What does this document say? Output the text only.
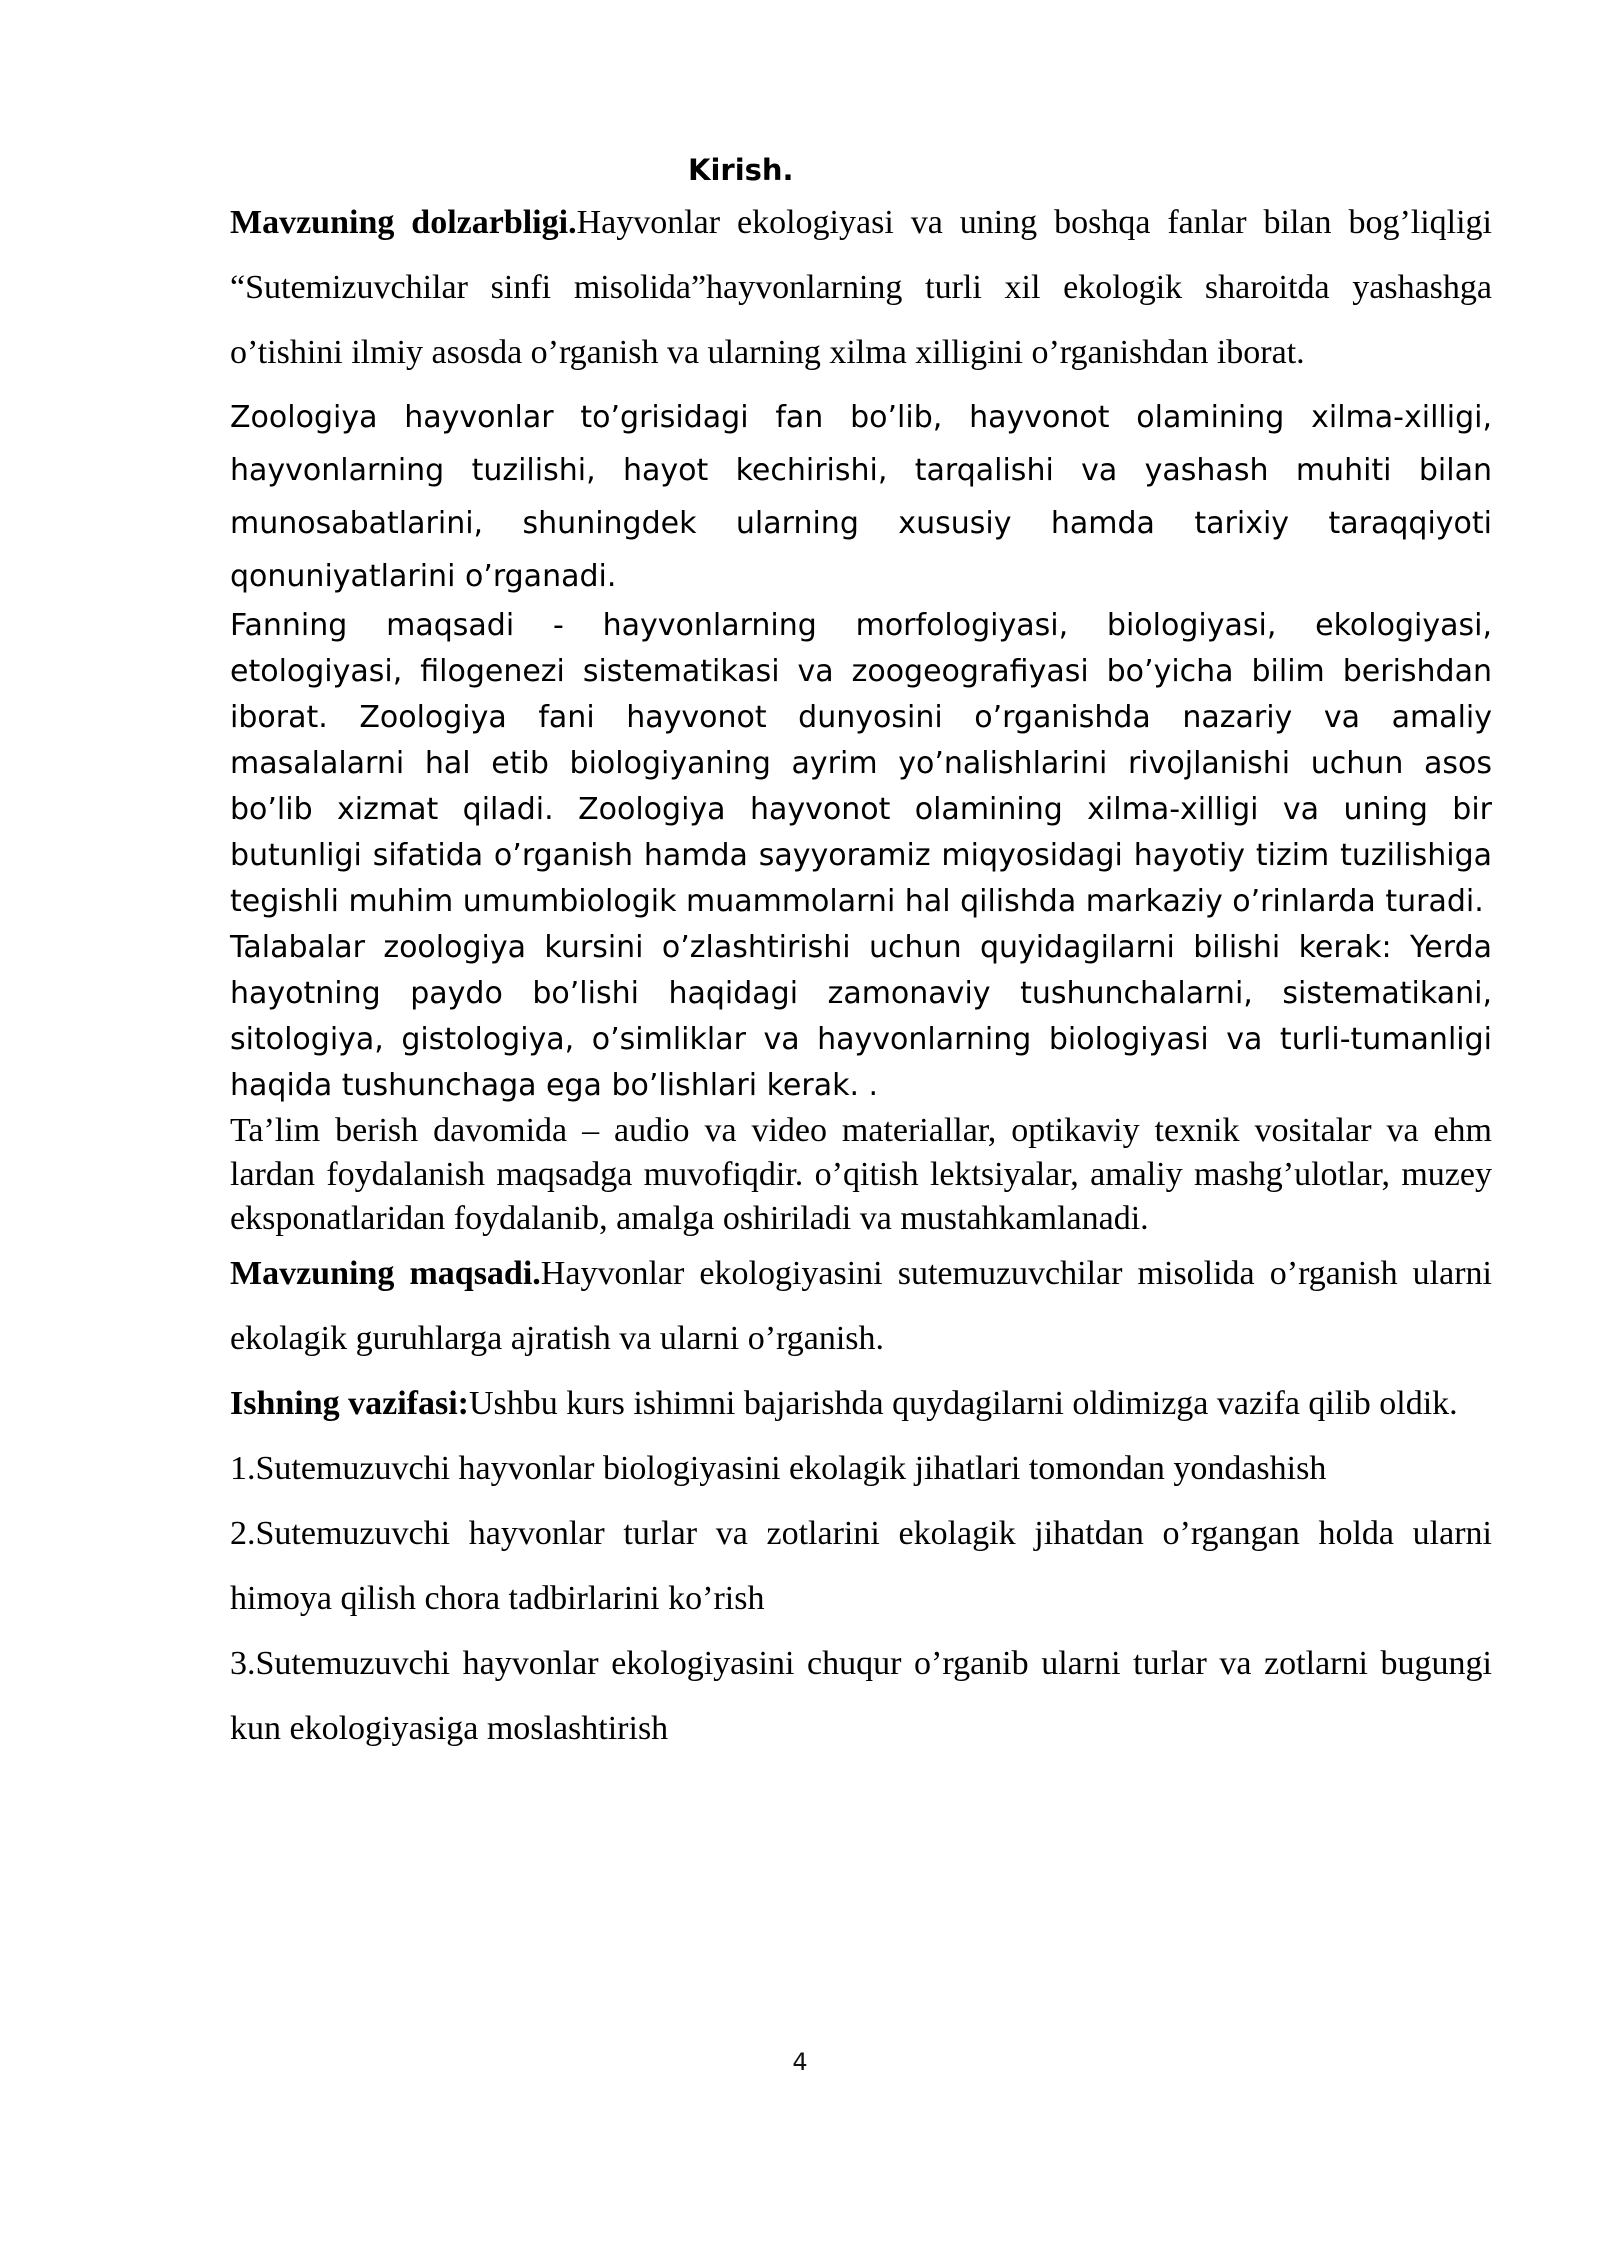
Kirish.

Mavzuning dolzarbligi.Hayvonlar ekologiyasi va uning boshqa fanlar bilan bog’liqligi “Sutemizuvchilar sinfi misolida”hayvonlarning turli xil ekologik sharoitda yashashga o’tishini ilmiy asosda o’rganish va ularning xilma xilligini o’rganishdan iborat.

Zoologiya hayvonlar to’grisidagi fan bo’lib, hayvonot olamining xilma-xilligi, hayvonlarning tuzilishi, hayot kechirishi, tarqalishi va yashash muhiti bilan munosabatlarini, shuningdek ularning xususiy hamda tarixiy taraqqiyoti qonuniyatlarini o’rganadi.

Fanning maqsadi - hayvonlarning morfologiyasi, biologiyasi, ekologiyasi, etologiyasi, filogenezi sistematikasi va zoogeografiyasi bo’yicha bilim berishdan iborat. Zoologiya fani hayvonot dunyosini o’rganishda nazariy va amaliy masalalarni hal etib biologiyaning ayrim yo’nalishlarini rivojlanishi uchun asos bo’lib xizmat qiladi. Zoologiya hayvonot olamining xilma-xilligi va uning bir butunligi sifatida o’rganish hamda sayyoramiz miqyosidagi hayotiy tizim tuzilishiga tegishli muhim umumbiologik muammolarni hal qilishda markaziy o’rinlarda turadi.

Talabalar zoologiya kursini o’zlashtirishi uchun quyidagilarni bilishi kerak: Yerda hayotning paydo bo’lishi haqidagi zamonaviy tushunchalarni, sistematikani, sitologiya, gistologiya, o’simliklar va hayvonlarning biologiyasi va turli-tumanligi haqida tushunchaga ega bo’lishlari kerak. .

Ta’lim berish davomida – audio va video materiallar, optikaviy texnik vositalar va ehm lardan foydalanish maqsadga muvofiqdir. o’qitish lektsiyalar, amaliy mashg’ulotlar, muzey eksponatlaridan foydalanib, amalga oshiriladi va mustahkamlanadi.

Mavzuning maqsadi.Hayvonlar ekologiyasini sutemuzuvchilar misolida o’rganish ularni ekolagik guruhlarga ajratish va ularni o’rganish.

Ishning vazifasi:Ushbu kurs ishimni bajarishda quydagilarni oldimizga vazifa qilib oldik.

1.Sutemuzuvchi hayvonlar biologiyasini ekolagik jihatlari tomondan yondashish

2.Sutemuzuvchi hayvonlar turlar va zotlarini ekolagik jihatdan o’rgangan holda ularni himoya qilish chora tadbirlarini ko’rish

3.Sutemuzuvchi hayvonlar ekologiyasini chuqur o’rganib ularni turlar va zotlarni bugungi kun ekologiyasiga moslashtirish

4
